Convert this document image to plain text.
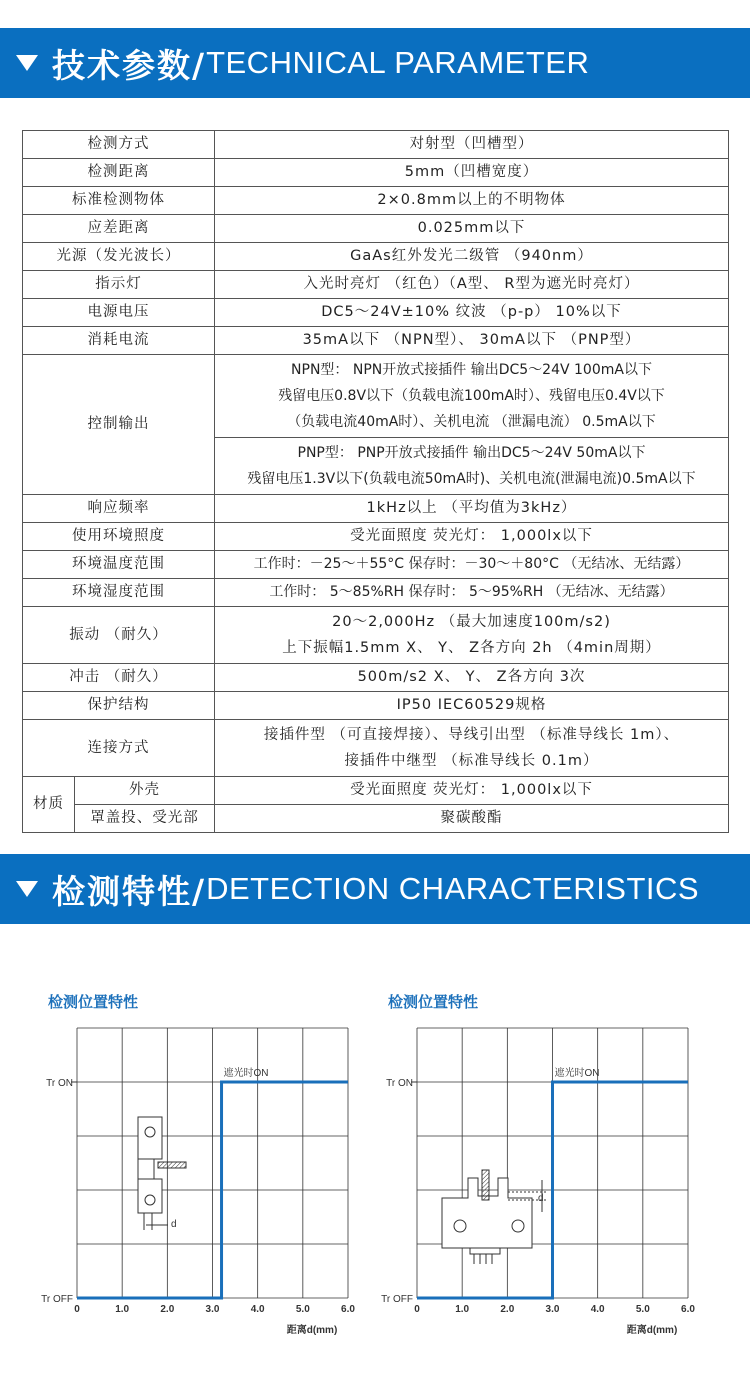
技术参数/ TECHNICAL PARAMETER
检测方式		对射型（凹槽型）
检测距离		5mm（凹槽宽度）
标准检测物体		2×0.8mm以上的不明物体
应差距离		0.025mm以下
光源（发光波长）		GaAs红外发光二级管 （940nm）
指示灯		入光时亮灯 （红色）（A型、 R型为遮光时亮灯）
电源电压		DC5～24V±10% 纹波 （p-p） 10%以下
消耗电流		35mA以下 （NPN型）、 30mA以下 （PNP型）
控制输出		NPN型： NPN开放式接插件 输出DC5～24V 100mA以下
残留电压0.8V以下（负载电流100mA时）、残留电压0.4V以下
（负载电流40mA时）、关机电流 （泄漏电流） 0.5mA以下

		PNP型： PNP开放式接插件 输出DC5～24V 50mA以下
残留电压1.3V以下(负载电流50mA时)、关机电流(泄漏电流)0.5mA以下

响应频率		1kHz以上 （平均值为3kHz）
使用环境照度		受光面照度 荧光灯： 1,000lx以下
环境温度范围		工作时：－25～＋55°C 保存时：－30～＋80°C （无结冰、无结露）
环境湿度范围		工作时： 5～85%RH 保存时： 5～95%RH （无结冰、无结露）
振动 （耐久）		20～2,000Hz （最大加速度100m/s2)
上下振幅1.5mm X、 Y、 Z各方向 2h （4min周期）

冲击 （耐久）		500m/s2 X、 Y、 Z各方向 3次
保护结构		IP50 IEC60529规格
连接方式		接插件型 （可直接焊接）、导线引出型 （标准导线长 1m）、
接插件中继型 （标准导线长 0.1m）

材质	外壳	受光面照度 荧光灯： 1,000lx以下
	罩盖投、受光部	聚碳酸酯
检测特性/ DETECTION CHARACTERISTICS
检测位置特性
Tr ON
Tr OFF
0	1.0	2.0	3.0	4.0	5.0	6.0
距离d(mm)
遮光时ON
d
检测位置特性
Tr ON
Tr OFF
0	1.0	2.0	3.0	4.0	5.0	6.0
距离d(mm)
遮光时ON
d
